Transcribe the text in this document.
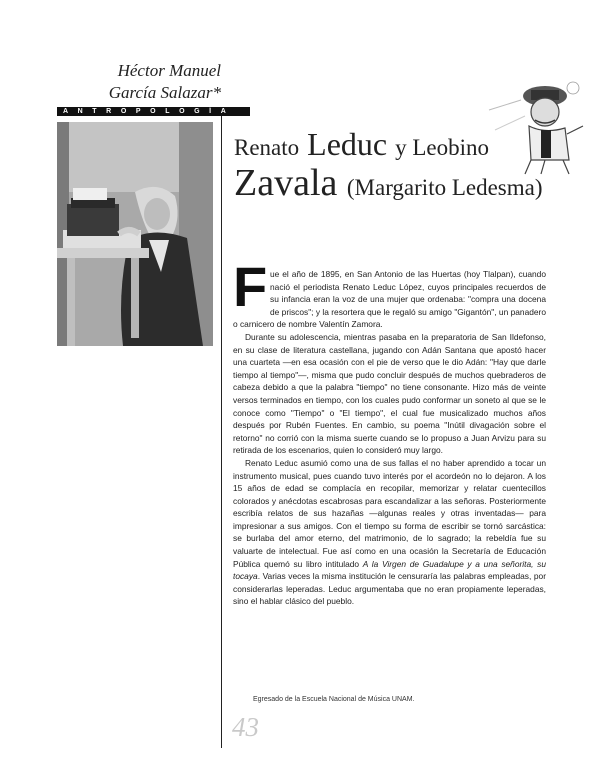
Héctor Manuel
García Salazar*
ANTROPOLOGÍA
Renato Leduc y Leobino
Zavala (Margarito Ledesma)

Fue el año de 1895, en San Antonio de las Huertas (hoy Tlalpan), cuando nació el periodista Renato Leduc López, cuyos principales recuerdos de su infancia eran la voz de una mujer que ordenaba: "compra una docena de priscos"; y la resortera que le regaló su amigo "Gigantón", un panadero o carnicero de nombre Valentín Zamora.

Durante su adolescencia, mientras pasaba en la preparatoria de San Ildefonso, en su clase de literatura castellana, jugando con Adán Santana que apostó hacer una cuarteta —en esa ocasión con el pie de verso que le dio Adán: "Hay que darle tiempo al tiempo"—, misma que pudo concluir después de muchos quebraderos de cabeza debido a que la palabra "tiempo" no tiene consonante. Hizo más de veinte versos terminados en tiempo, con los cuales pudo conformar un soneto al que se le conoce como "Tiempo" o "El tiempo", el cual fue musicalizado muchos años después por Rubén Fuentes. En cambio, su poema "Inútil divagación sobre el retorno" no corrió con la misma suerte cuando se lo propuso a Juan Arvizu para su retirada de los escenarios, quien lo consideró muy largo.

Renato Leduc asumió como una de sus fallas el no haber aprendido a tocar un instrumento musical, pues cuando tuvo interés por el acordeón no lo dejaron. A los 15 años de edad se complacía en recopilar, memorizar y relatar cuentecillos colorados y anécdotas escabrosas para escandalizar a las señoras. Posteriormente escribía relatos de sus hazañas —algunas reales y otras inventadas— para impresionar a sus amigos. Con el tiempo su forma de escribir se tornó sarcástica: se burlaba del amor eterno, del matrimonio, de lo sagrado; la rebeldía fue su valuarte de intelectual. Fue así como en una ocasión la Secretaría de Educación Pública quemó su libro intitulado A la Virgen de Guadalupe y a una señorita, su tocaya. Varias veces la misma institución le censuraría las palabras empleadas, por considerarlas leperadas. Leduc argumentaba que no eran propiamente leperadas, sino el hablar clásico del pueblo.

Egresado de la Escuela Nacional de Música UNAM.
43
